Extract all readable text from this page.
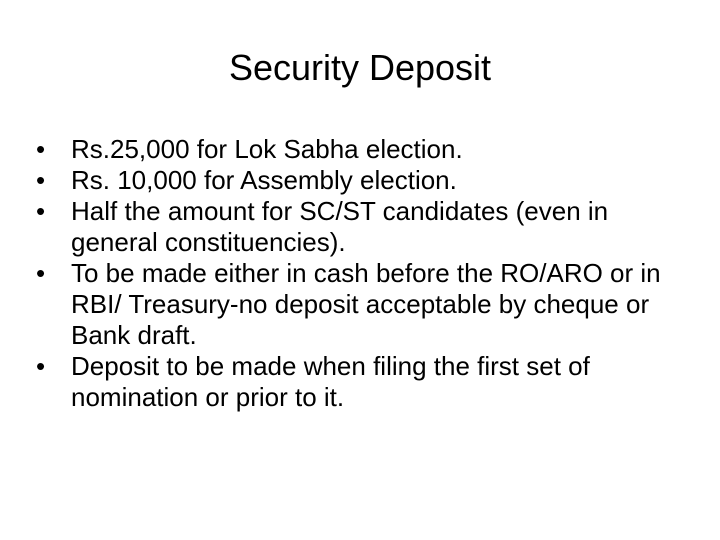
Security Deposit
• Rs.25,000 for Lok Sabha election.
• Rs. 10,000 for Assembly election.
• Half the amount for SC/ST candidates (even in general constituencies).
• To be made either in cash before the RO/ARO or in RBI/ Treasury-no deposit acceptable by cheque or Bank draft.
• Deposit to be made when filing the first set of nomination or prior to it.
